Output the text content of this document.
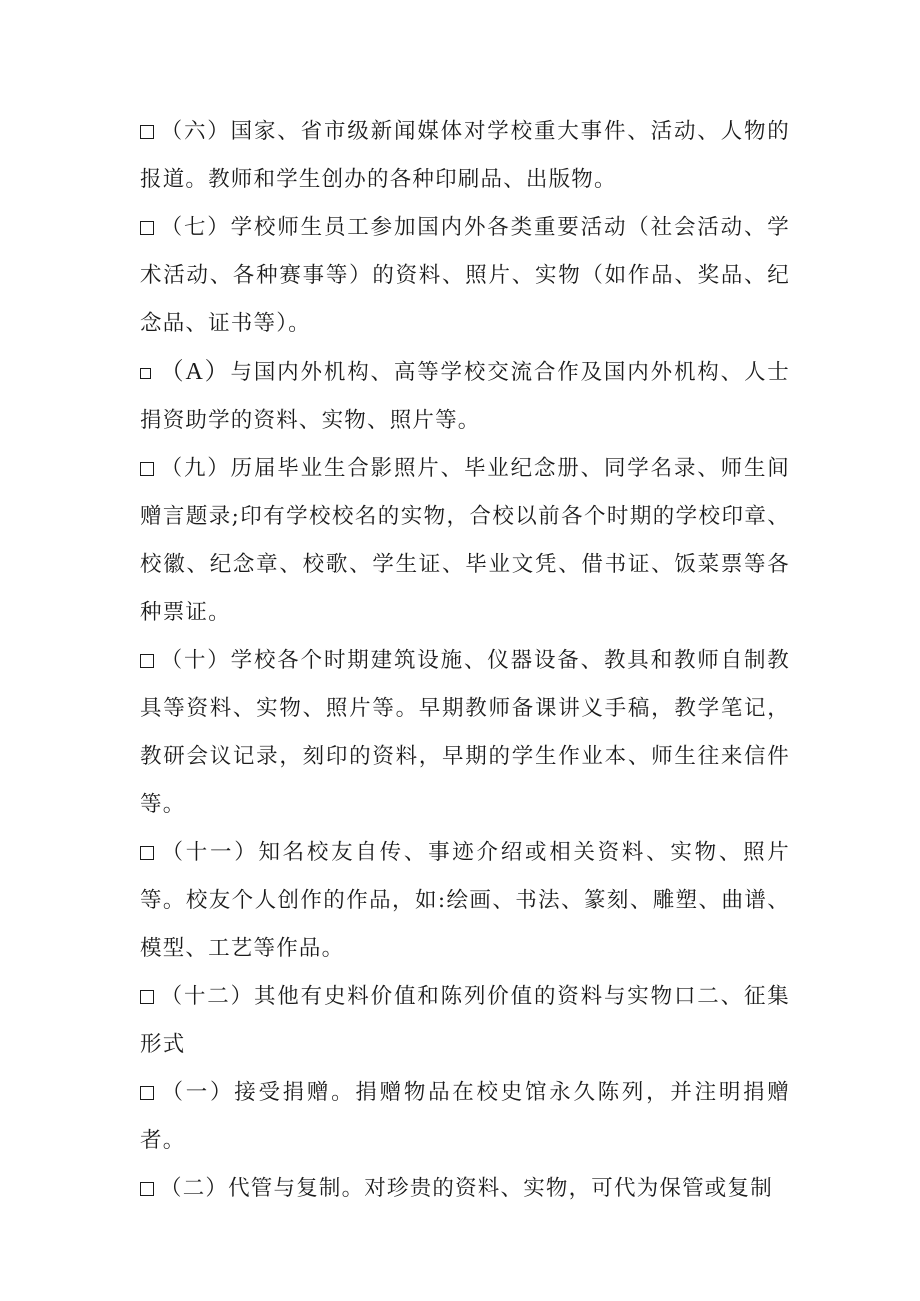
（六）国家、省市级新闻媒体对学校重大事件、活动、人物的报道。教师和学生创办的各种印刷品、出版物。

（七）学校师生员工参加国内外各类重要活动（社会活动、学术活动、各种赛事等）的资料、照片、实物（如作品、奖品、纪念品、证书等）。

（A）与国内外机构、高等学校交流合作及国内外机构、人士捐资助学的资料、实物、照片等。

（九）历届毕业生合影照片、毕业纪念册、同学名录、师生间赠言题录;印有学校校名的实物，合校以前各个时期的学校印章、校徽、纪念章、校歌、学生证、毕业文凭、借书证、饭菜票等各种票证。

（十）学校各个时期建筑设施、仪器设备、教具和教师自制教具等资料、实物、照片等。早期教师备课讲义手稿，教学笔记，教研会议记录，刻印的资料，早期的学生作业本、师生往来信件等。

（十一）知名校友自传、事迹介绍或相关资料、实物、照片等。校友个人创作的作品，如:绘画、书法、篆刻、雕塑、曲谱、模型、工艺等作品。

（十二）其他有史料价值和陈列价值的资料与实物口二、征集形式

（一）接受捐赠。捐赠物品在校史馆永久陈列，并注明捐赠者。

（二）代管与复制。对珍贵的资料、实物，可代为保管或复制
